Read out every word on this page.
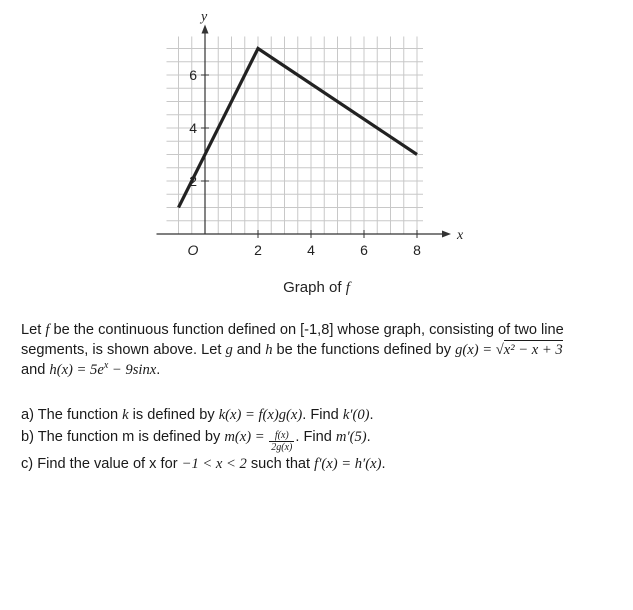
x
y
O	2	4	6	8
2
4
6
Graph of f
Let f be the continuous function defined on [-1,8] whose graph, consisting of two line segments, is shown above. Let g and h be the functions defined by g(x) = √x² − x + 3
and $h(x) = 5e^x - 9\sin x$.
a) The function k is defined by k(x) = f(x)g(x). Find k′(0).
b) The function m is defined by $m(x) = \frac{f(x)}{2g(x)}$ . Find m′(5).
c) Find the value of x for −1 < x < 2 such that f′(x) = h′(x).
